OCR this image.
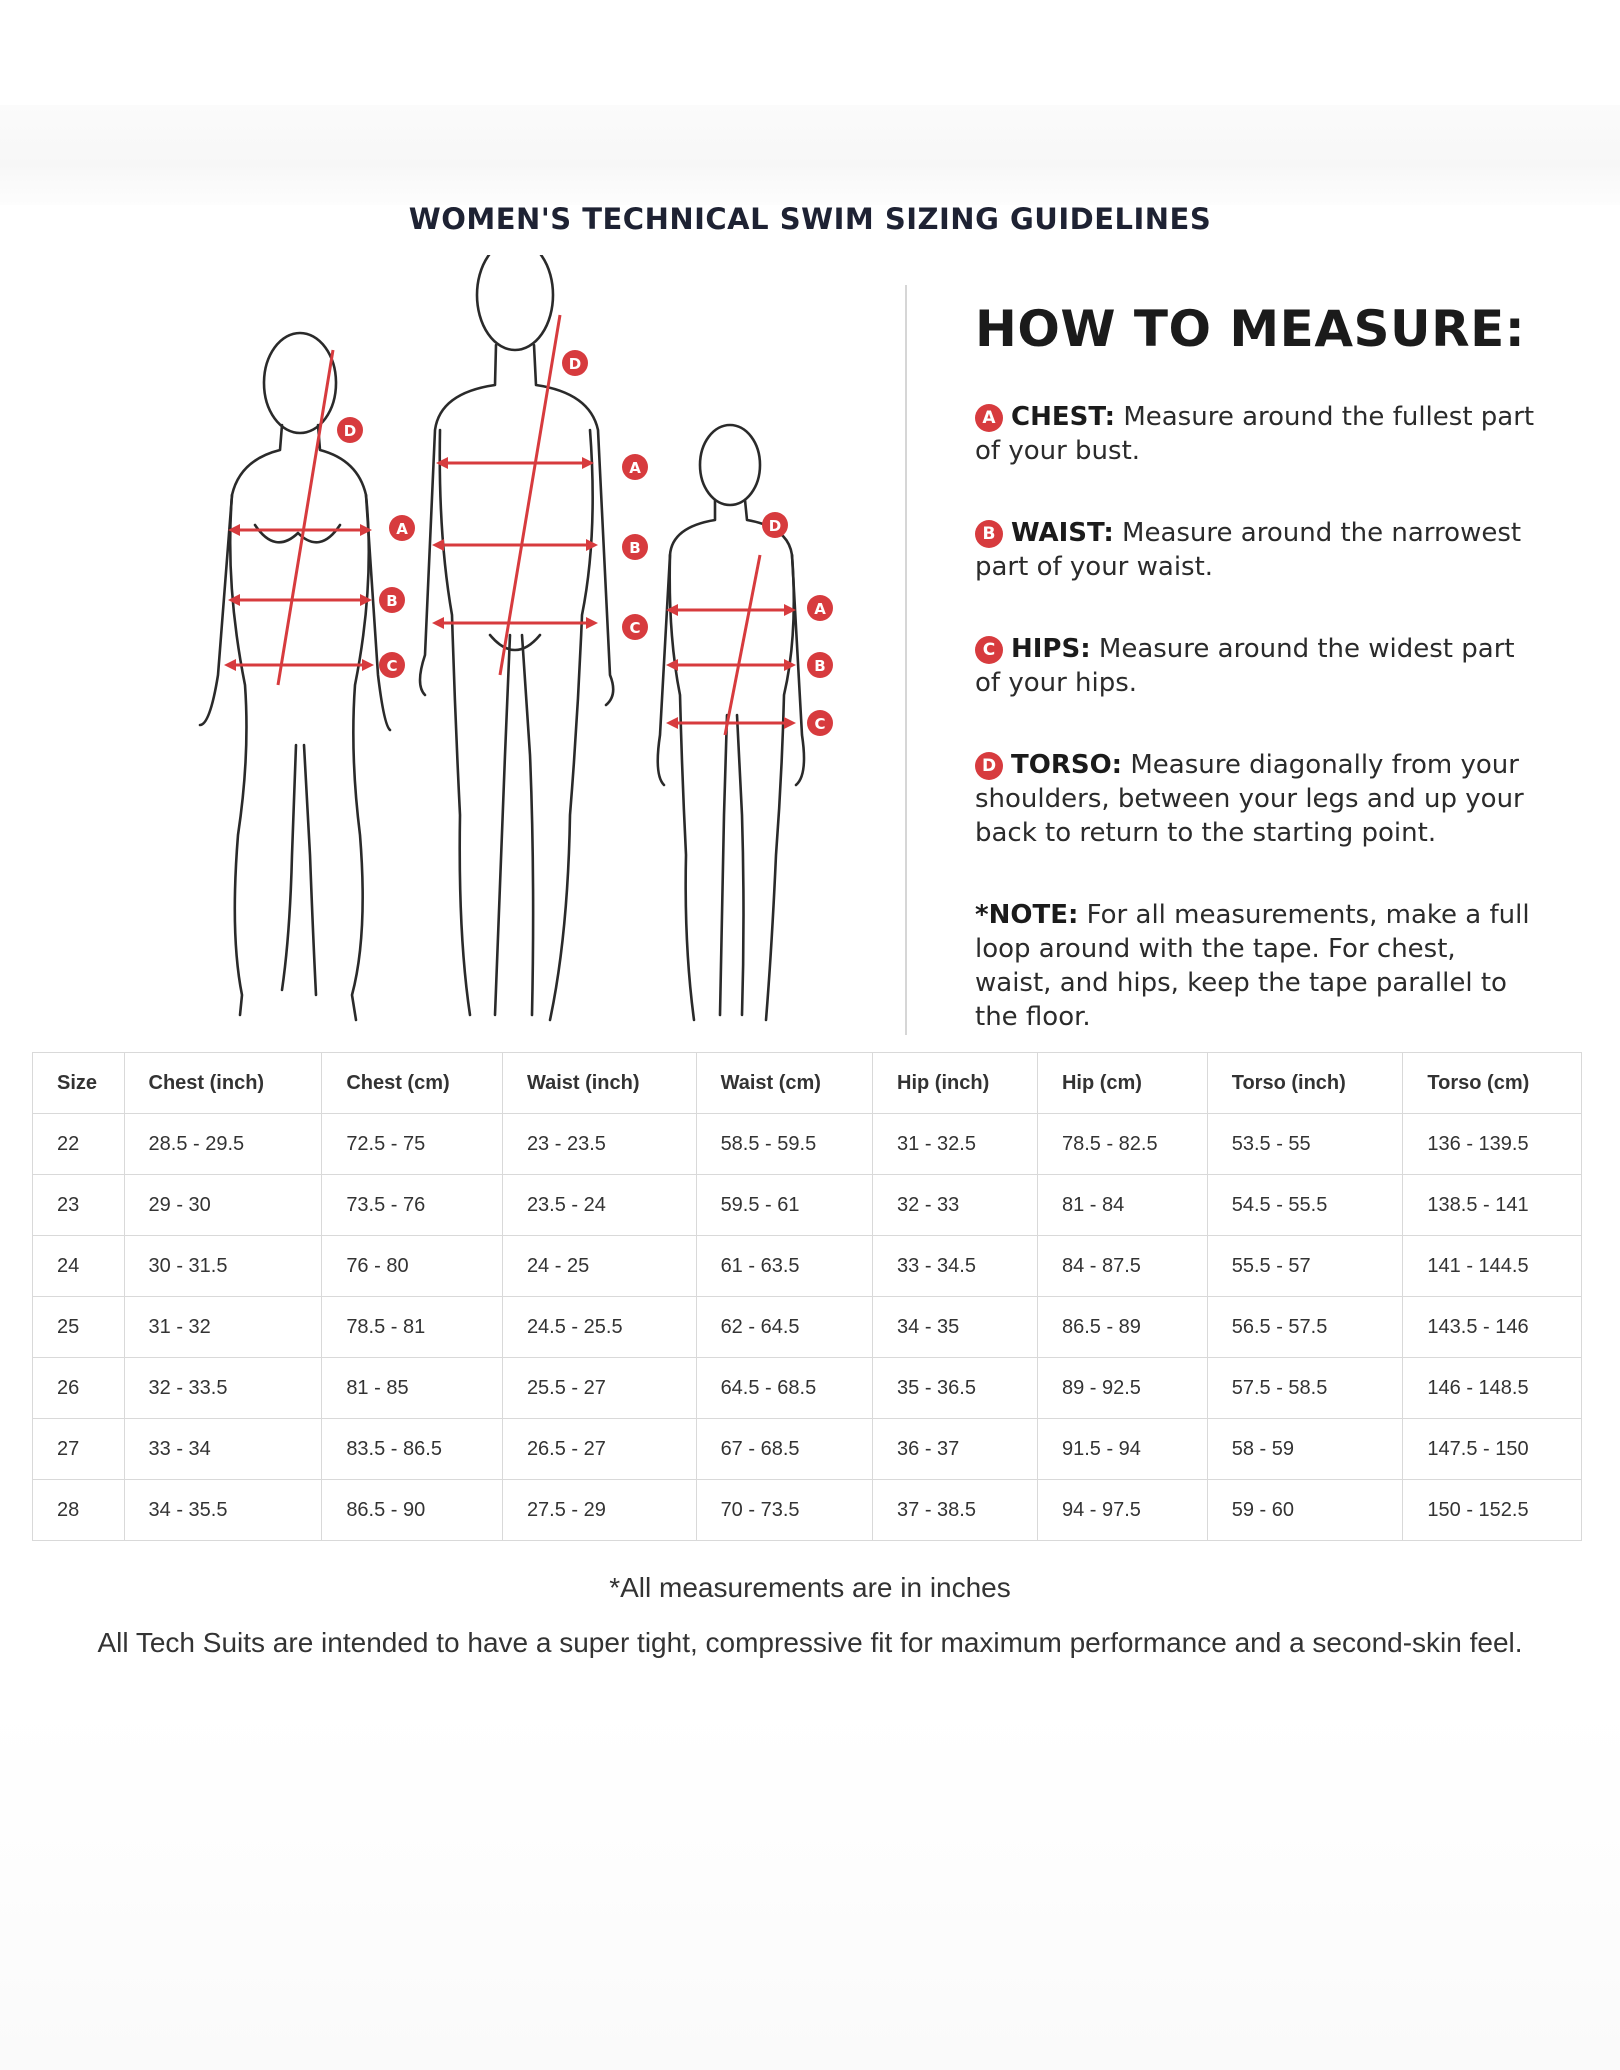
WOMEN'S TECHNICAL SWIM SIZING GUIDELINES
D
A
B
C
D
A
B
C
D
A
B
C
HOW TO MEASURE:
A CHEST: Measure around the fullest part of your bust.
B WAIST: Measure around the narrowest part of your waist.
C HIPS: Measure around the widest part of your hips.
D TORSO: Measure diagonally from your shoulders, between your legs and up your back to return to the starting point.
*NOTE: For all measurements, make a full loop around with the tape. For chest, waist, and hips, keep the tape parallel to the floor.
Size	Chest (inch)	Chest (cm)	Waist (inch)	Waist (cm)	Hip (inch)	Hip (cm)	Torso (inch)	Torso (cm)
22	28.5 - 29.5	72.5 - 75	23 - 23.5	58.5 - 59.5	31 - 32.5	78.5 - 82.5	53.5 - 55	136 - 139.5
23	29 - 30	73.5 - 76	23.5 - 24	59.5 - 61	32 - 33	81 - 84	54.5 - 55.5	138.5 - 141
24	30 - 31.5	76 - 80	24 - 25	61 - 63.5	33 - 34.5	84 - 87.5	55.5 - 57	141 - 144.5
25	31 - 32	78.5 - 81	24.5 - 25.5	62 - 64.5	34 - 35	86.5 - 89	56.5 - 57.5	143.5 - 146
26	32 - 33.5	81 - 85	25.5 - 27	64.5 - 68.5	35 - 36.5	89 - 92.5	57.5 - 58.5	146 - 148.5
27	33 - 34	83.5 - 86.5	26.5 - 27	67 - 68.5	36 - 37	91.5 - 94	58 - 59	147.5 - 150
28	34 - 35.5	86.5 - 90	27.5 - 29	70 - 73.5	37 - 38.5	94 - 97.5	59 - 60	150 - 152.5
*All measurements are in inches
All Tech Suits are intended to have a super tight, compressive fit for maximum performance and a second-skin feel.
